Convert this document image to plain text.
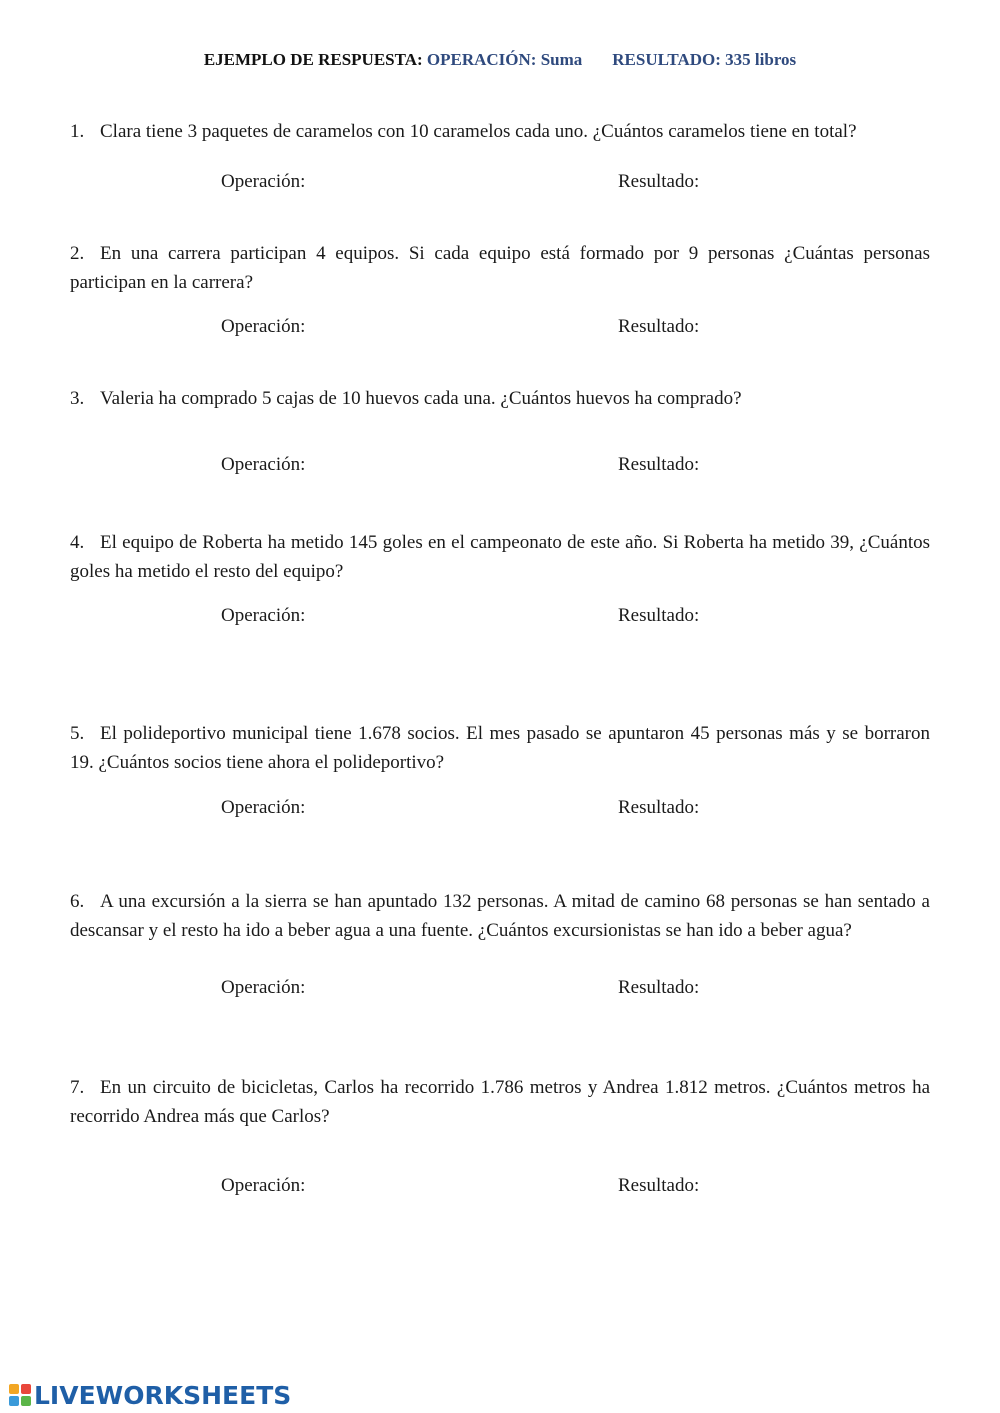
EJEMPLO DE RESPUESTA: OPERACIÓN: Suma RESULTADO: 335 libros
1. Clara tiene 3 paquetes de caramelos con 10 caramelos cada uno. ¿Cuántos caramelos tiene en total?
Operación:	Resultado:
2. En una carrera participan 4 equipos. Si cada equipo está formado por 9 personas ¿Cuántas personas participan en la carrera?
Operación:	Resultado:
3. Valeria ha comprado 5 cajas de 10 huevos cada una. ¿Cuántos huevos ha comprado?
Operación:	Resultado:
4. El equipo de Roberta ha metido 145 goles en el campeonato de este año. Si Roberta ha metido 39, ¿Cuántos goles ha metido el resto del equipo?
Operación:	Resultado:
5. El polideportivo municipal tiene 1.678 socios. El mes pasado se apuntaron 45 personas más y se borraron 19. ¿Cuántos socios tiene ahora el polideportivo?
Operación:	Resultado:
6. A una excursión a la sierra se han apuntado 132 personas. A mitad de camino 68 personas se han sentado a descansar y el resto ha ido a beber agua a una fuente. ¿Cuántos excursionistas se han ido a beber agua?
Operación:	Resultado:
7. En un circuito de bicicletas, Carlos ha recorrido 1.786 metros y Andrea 1.812 metros. ¿Cuántos metros ha recorrido Andrea más que Carlos?
Operación:	Resultado:
LIVEWORKSHEETS
